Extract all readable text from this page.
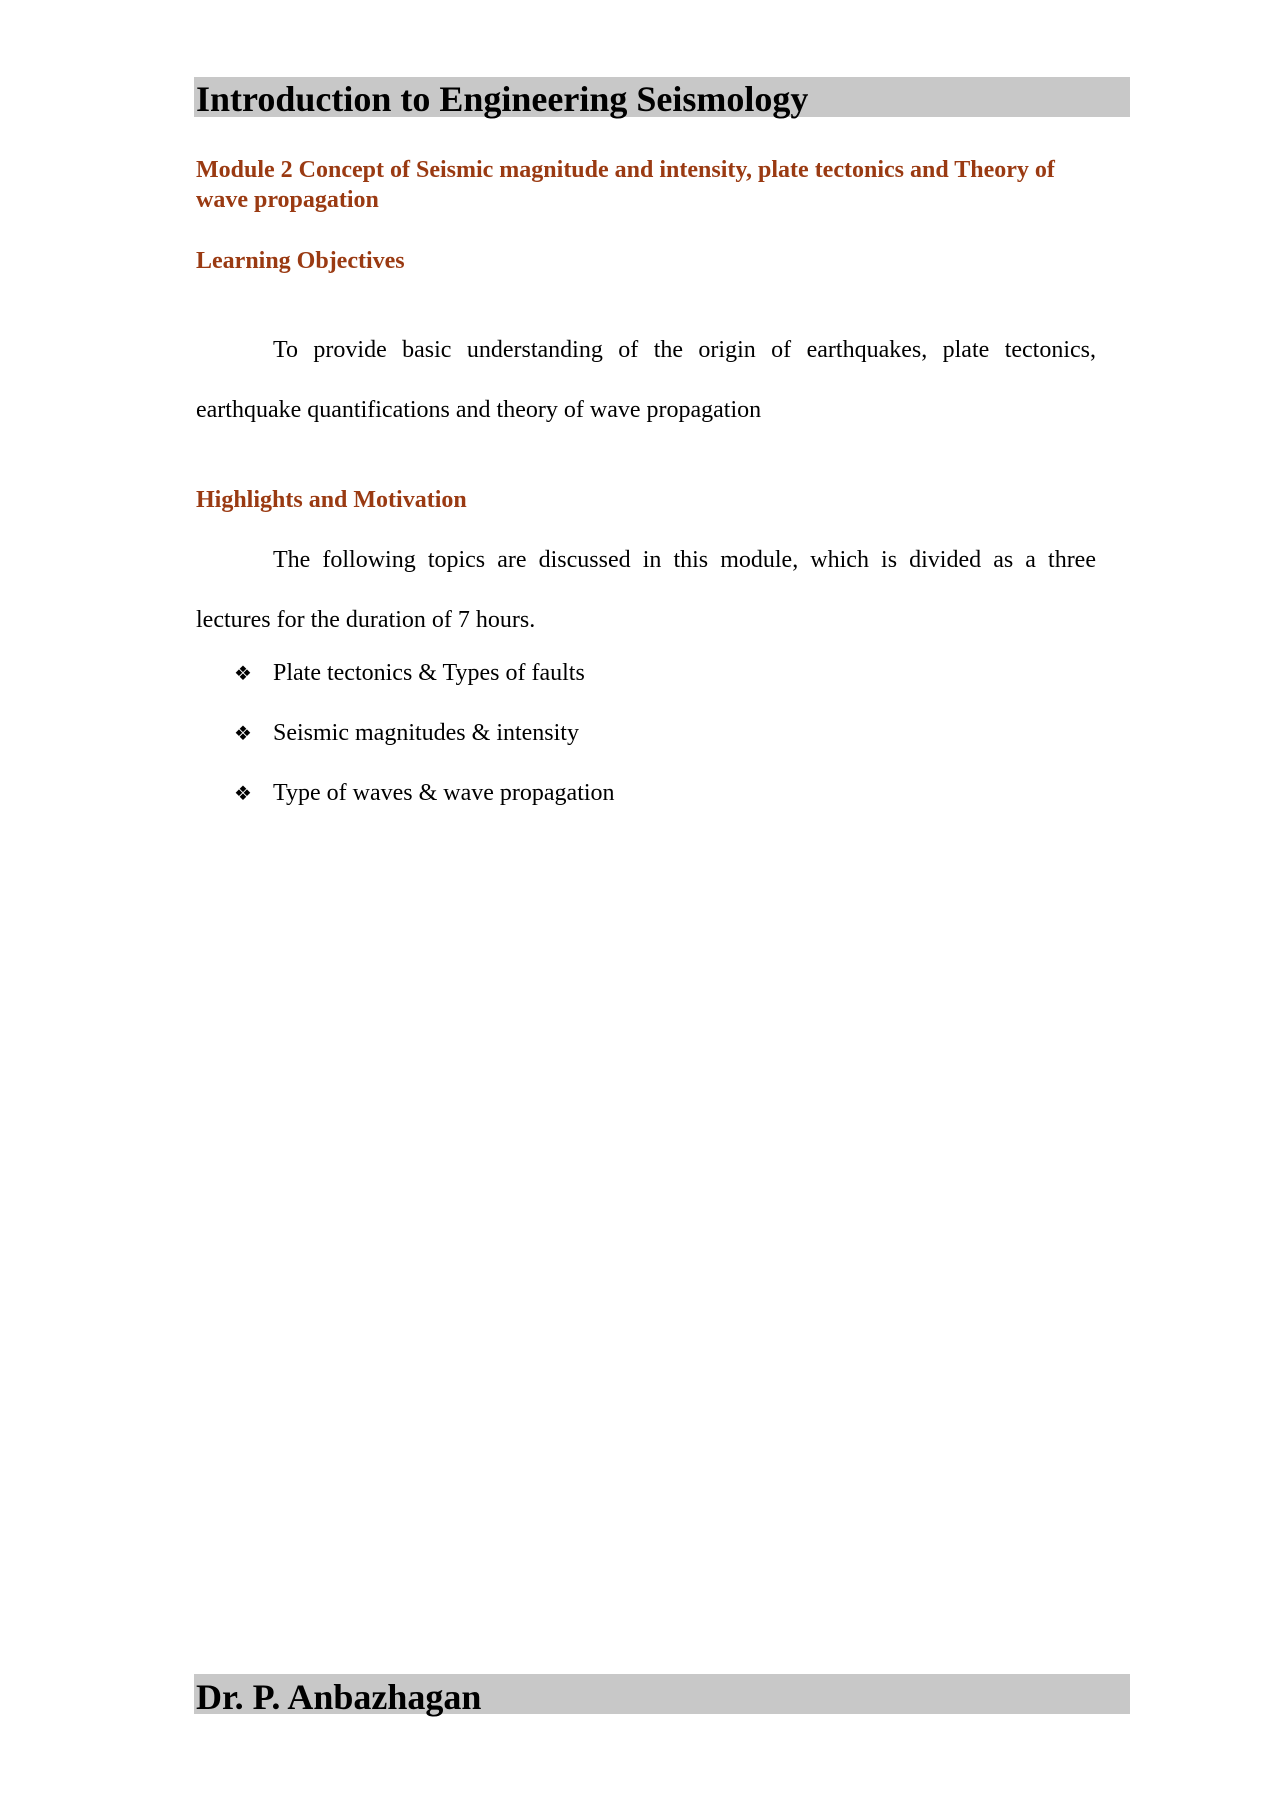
Introduction to Engineering Seismology
Module 2 Concept of Seismic magnitude and intensity, plate tectonics and Theory of wave propagation
Learning Objectives

To provide basic understanding of the origin of earthquakes, plate tectonics, earthquake quantifications and theory of wave propagation

Highlights and Motivation

The following topics are discussed in this module, which is divided as a three lectures for the duration of 7 hours.

❖ Plate tectonics & Types of faults
❖ Seismic magnitudes & intensity
❖ Type of waves & wave propagation
Dr. P. Anbazhagan
